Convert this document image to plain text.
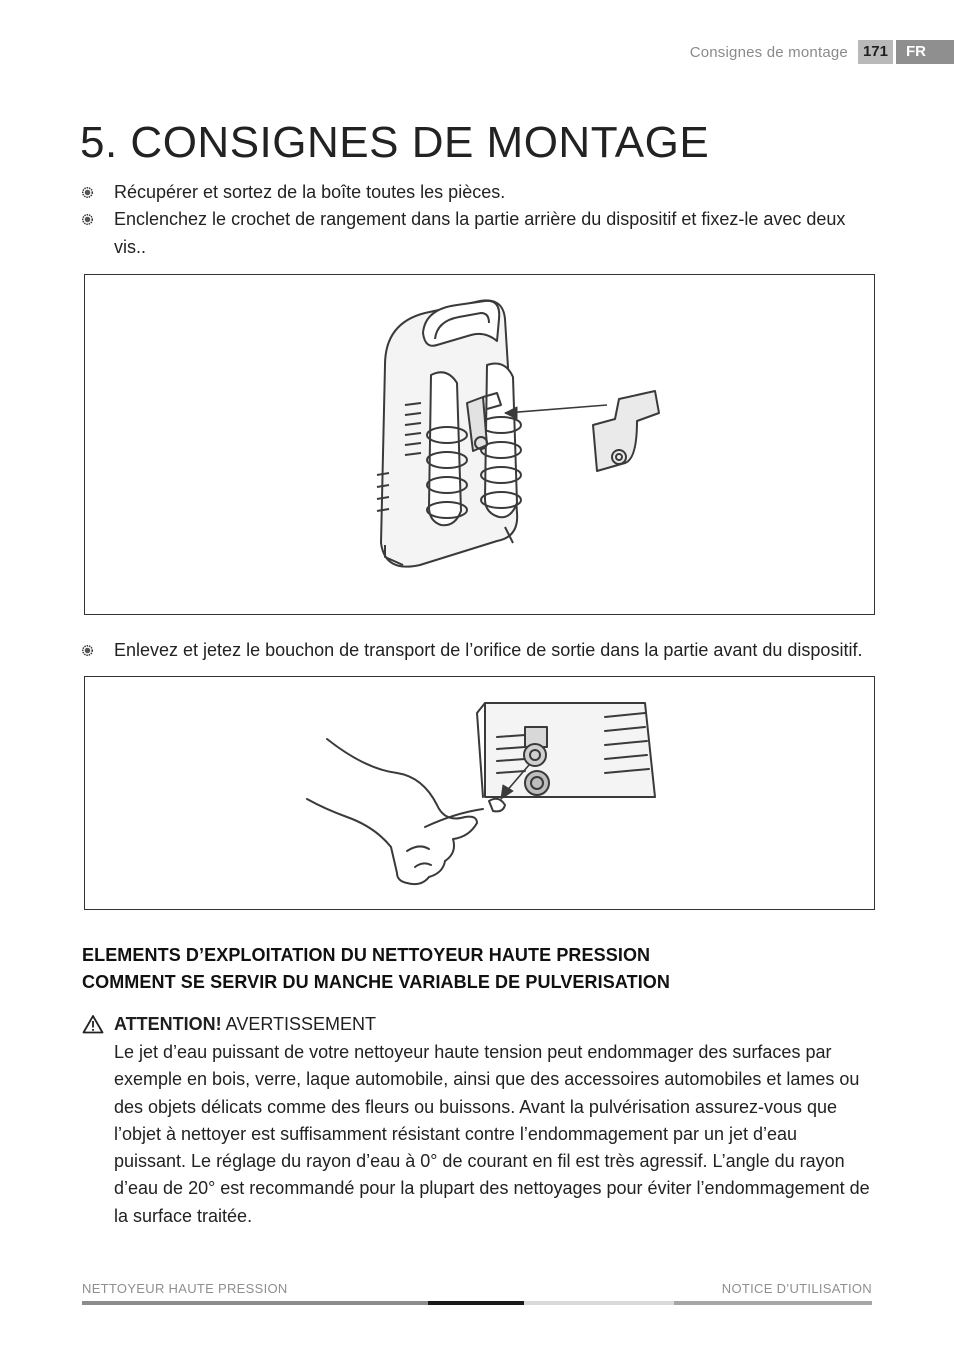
Consignes de montage	171	FR
5. CONSIGNES DE MONTAGE
Récupérer et sortez de la boîte toutes les pièces.
Enclenchez le crochet de rangement dans la partie arrière du dispositif et fixez-le avec deux vis..
Enlevez et jetez le bouchon de transport de l’orifice de sortie dans la partie avant du dispositif.
ELEMENTS D’EXPLOITATION DU NETTOYEUR HAUTE PRESSION
COMMENT SE SERVIR DU MANCHE VARIABLE DE PULVERISATION
ATTENTION! AVERTISSEMENT

Le jet d’eau puissant de votre nettoyeur haute tension peut endommager des surfaces par exemple en bois, verre, laque automobile, ainsi que des accessoires automobiles et lames ou des objets délicats comme des fleurs ou buissons. Avant la pulvérisation assurez-vous que l’objet à nettoyer est suffisamment résistant contre l’endommagement par un jet d’eau puissant. Le réglage du rayon d’eau à 0° de courant en fil est très agressif. L’angle du rayon d’eau de 20° est recommandé pour la plupart des nettoyages pour éviter l’endommagement de la surface traitée.

NETTOYEUR HAUTE PRESSION	NOTICE D’UTILISATION
